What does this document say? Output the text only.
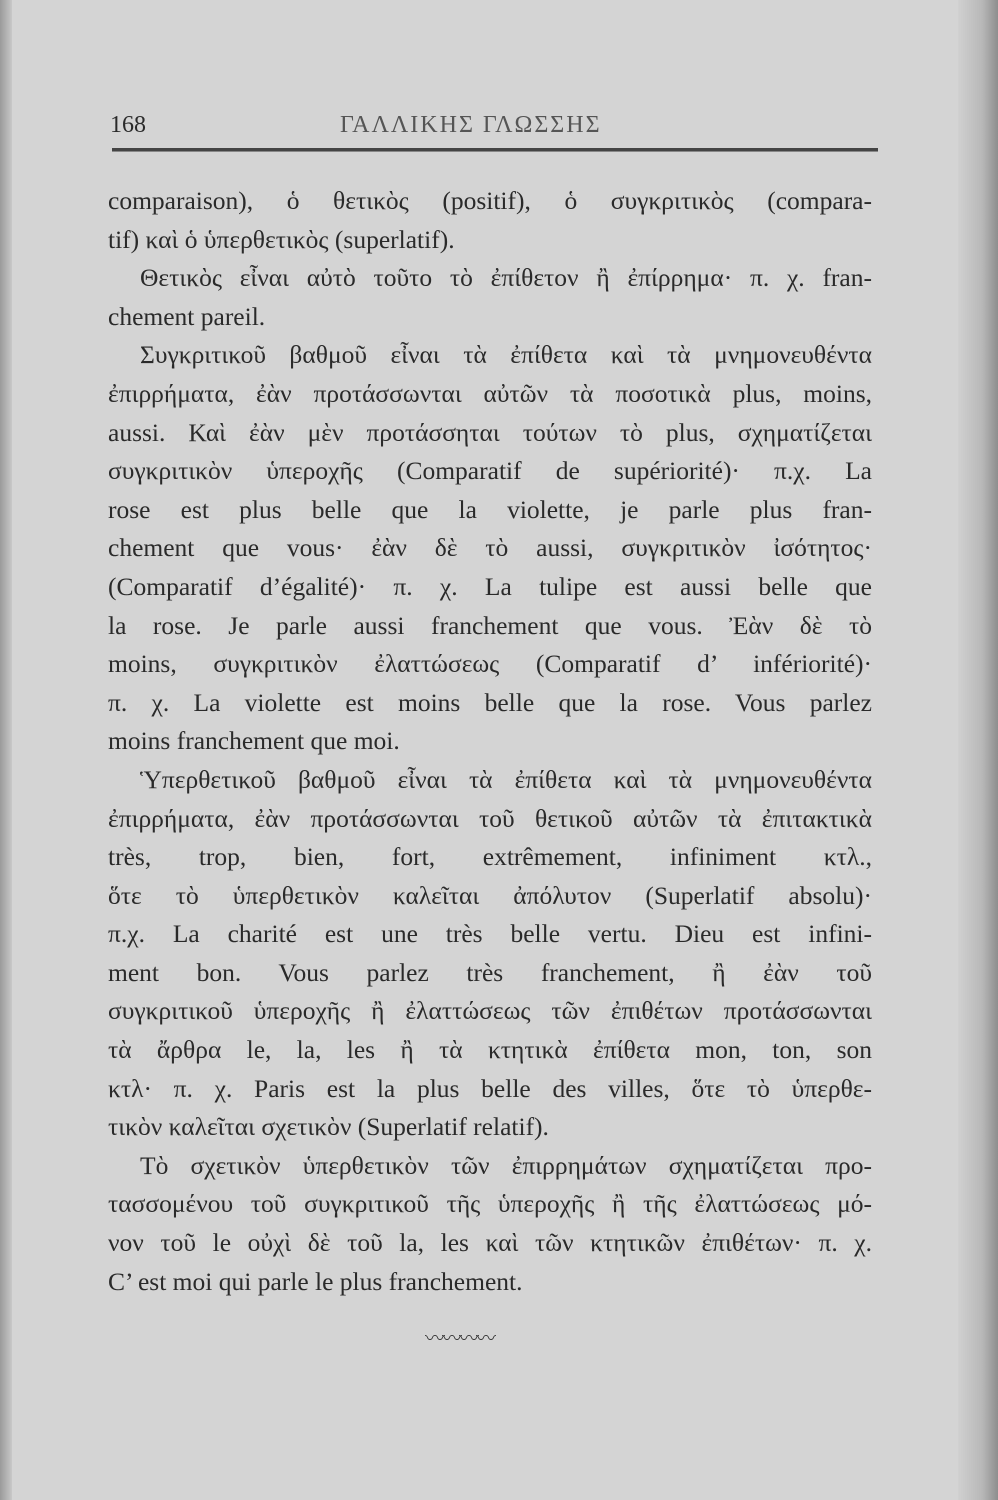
168	ΓΑΛΛΙΚΗΣ ΓΛΩΣΣΗΣ
comparaison), ὁ θετικὸς (positif), ὁ συγκριτικὸς (compara-
tif) καὶ ὁ ὑπερθετικὸς (superlatif).
Θετικὸς εἶναι αὐτὸ τοῦτο τὸ ἐπίθετον ἢ ἐπίρρημα· π. χ. fran-
chement pareil.
Συγκριτικοῦ βαθμοῦ εἶναι τὰ ἐπίθετα καὶ τὰ μνημονευθέντα
ἐπιρρήματα, ἐὰν προτάσσωνται αὐτῶν τὰ ποσοτικὰ plus, moins,
aussi. Καὶ ἐὰν μὲν προτάσσηται τούτων τὸ plus, σχηματίζεται
συγκριτικὸν ὑπεροχῆς (Comparatif de supériorité)· π.χ. La
rose est plus belle que la violette, je parle plus fran-
chement que vous· ἐὰν δὲ τὸ aussi, συγκριτικὸν ἰσότητος·
(Comparatif d’égalité)· π. χ. La tulipe est aussi belle que
la rose. Je parle aussi franchement que vous. Ἐὰν δὲ τὸ
moins, συγκριτικὸν ἐλαττώσεως (Comparatif d’ infériorité)·
π. χ. La violette est moins belle que la rose. Vous parlez
moins franchement que moi.
Ὑπερθετικοῦ βαθμοῦ εἶναι τὰ ἐπίθετα καὶ τὰ μνημονευθέντα
ἐπιρρήματα, ἐὰν προτάσσωνται τοῦ θετικοῦ αὐτῶν τὰ ἐπιτακτικὰ
très, trop, bien, fort, extrêmement, infiniment κτλ.,
ὅτε τὸ ὑπερθετικὸν καλεῖται ἀπόλυτον (Superlatif absolu)·
π.χ. La charité est une très belle vertu. Dieu est infini-
ment bon. Vous parlez très franchement, ἢ ἐὰν τοῦ
συγκριτικοῦ ὑπεροχῆς ἢ ἐλαττώσεως τῶν ἐπιθέτων προτάσσωνται
τὰ ἄρθρα le, la, les ἢ τὰ κτητικὰ ἐπίθετα mon, ton, son
κτλ· π. χ. Paris est la plus belle des villes, ὅτε τὸ ὑπερθε-
τικὸν καλεῖται σχετικὸν (Superlatif relatif).
Τὸ σχετικὸν ὑπερθετικὸν τῶν ἐπιρρημάτων σχηματίζεται προ-
τασσομένου τοῦ συγκριτικοῦ τῆς ὑπεροχῆς ἢ τῆς ἐλαττώσεως μό-
νον τοῦ le οὐχὶ δὲ τοῦ la, les καὶ τῶν κτητικῶν ἐπιθέτων· π. χ.
C’ est moi qui parle le plus franchement.
〰〰〰〰
